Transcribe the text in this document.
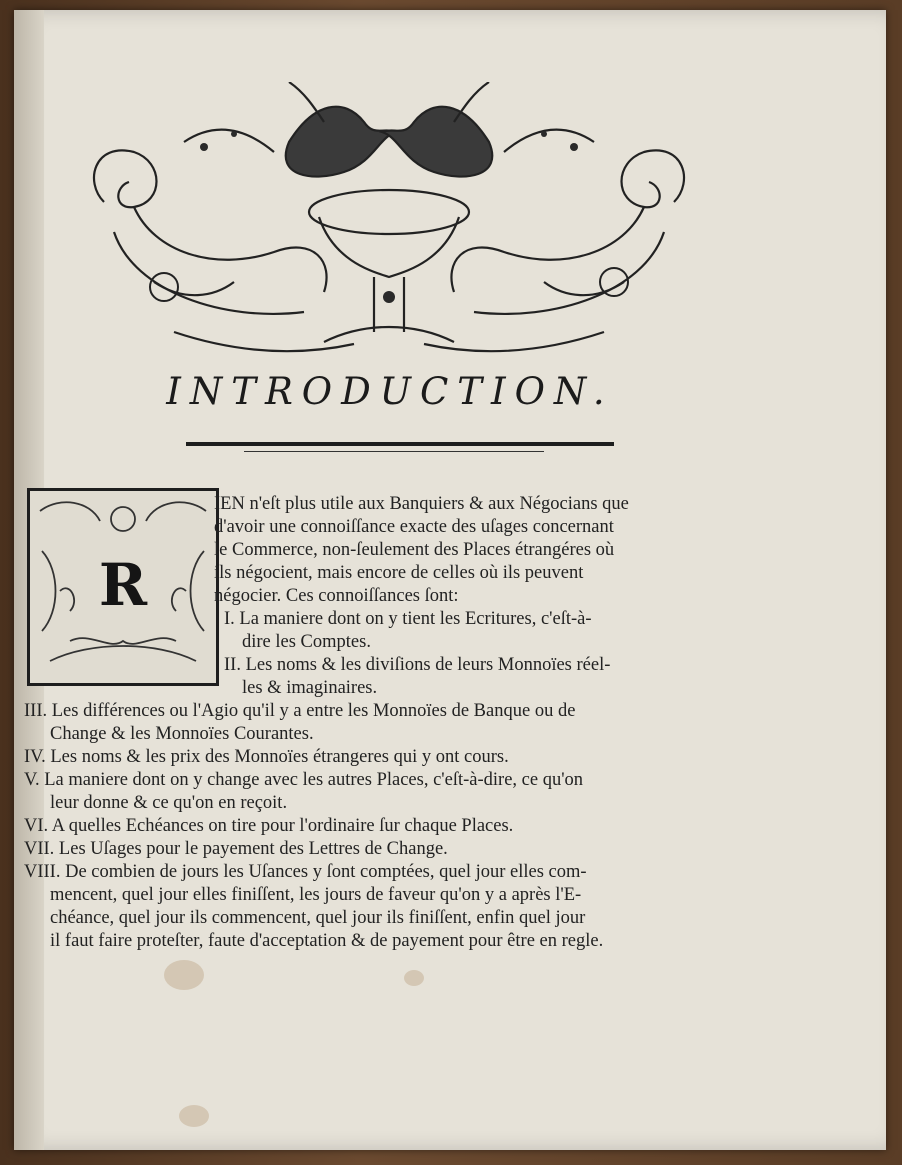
INTRODUCTION.
R
IEN n'eſt plus utile aux Banquiers & aux Négocians que
d'avoir une connoiſſance exacte des uſages concernant
le Commerce, non-ſeulement des Places étrangéres où
ils négocient, mais encore de celles où ils peuvent
négocier. Ces connoiſſances ſont:
I. La maniere dont on y tient les Ecritures, c'eſt-à-
dire les Comptes.
II. Les noms & les diviſions de leurs Monnoïes réel-
les & imaginaires.
III. Les différences ou l'Agio qu'il y a entre les Monnoïes de Banque ou de
Change & les Monnoïes Courantes.
IV. Les noms & les prix des Monnoïes étrangeres qui y ont cours.
V. La maniere dont on y change avec les autres Places, c'eſt-à-dire, ce qu'on
leur donne & ce qu'on en reçoit.
VI. A quelles Echéances on tire pour l'ordinaire ſur chaque Places.
VII. Les Uſages pour le payement des Lettres de Change.
VIII. De combien de jours les Uſances y ſont comptées, quel jour elles com-
mencent, quel jour elles finiſſent, les jours de faveur qu'on y a après l'E-
chéance, quel jour ils commencent, quel jour ils finiſſent, enfin quel jour
il faut faire proteſter, faute d'acceptation & de payement pour être en regle.
